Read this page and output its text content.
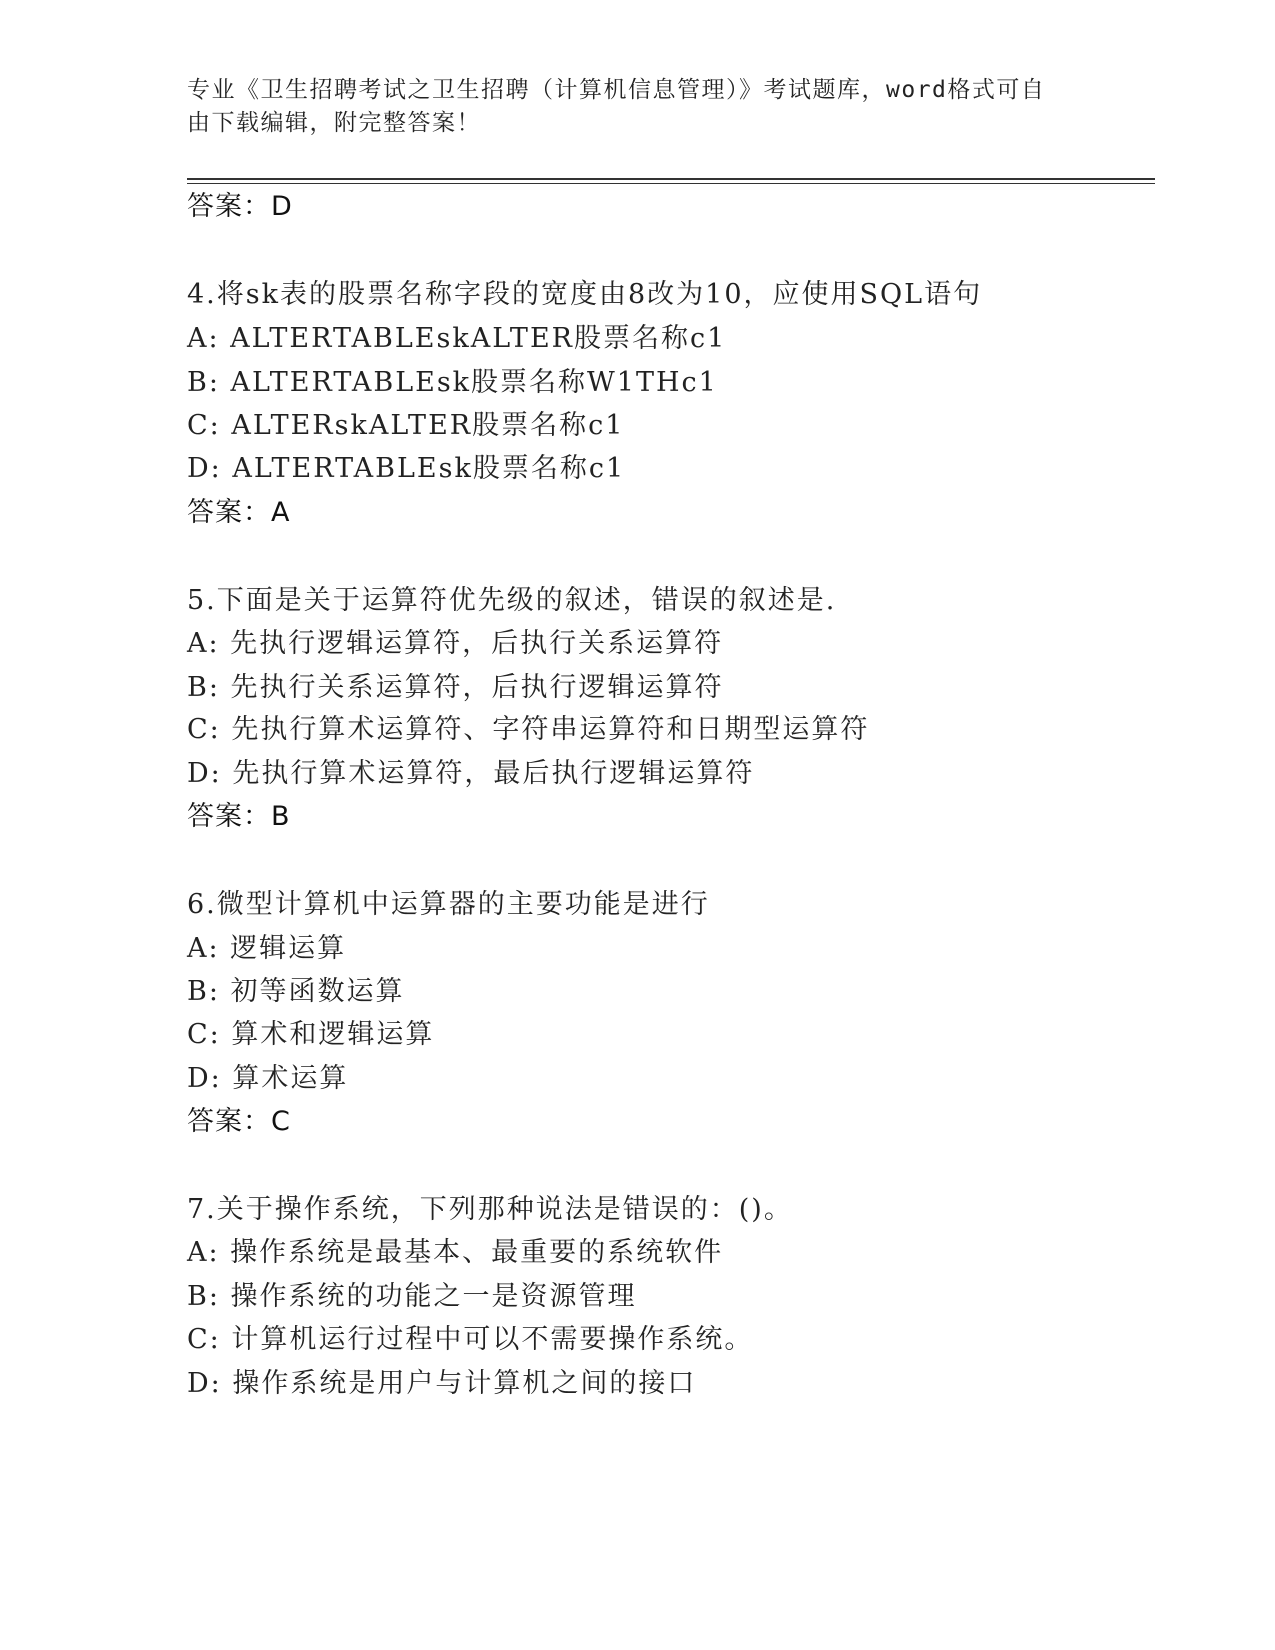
专业《卫生招聘考试之卫生招聘（计算机信息管理）》考试题库，word格式可自
由下载编辑，附完整答案！
答案：D
4.将sk表的股票名称字段的宽度由8改为10，应使用SQL语句
A: ALTERTABLEskALTER股票名称c1
B: ALTERTABLEsk股票名称W1THc1
C: ALTERskALTER股票名称c1
D: ALTERTABLEsk股票名称c1
答案：A
5.下面是关于运算符优先级的叙述，错误的叙述是.
A: 先执行逻辑运算符，后执行关系运算符
B: 先执行关系运算符，后执行逻辑运算符
C: 先执行算术运算符、字符串运算符和日期型运算符
D: 先执行算术运算符，最后执行逻辑运算符
答案：B
6.微型计算机中运算器的主要功能是进行
A: 逻辑运算
B: 初等函数运算
C: 算术和逻辑运算
D: 算术运算
答案：C
7.关于操作系统，下列那种说法是错误的：()。
A: 操作系统是最基本、最重要的系统软件
B: 操作系统的功能之一是资源管理
C: 计算机运行过程中可以不需要操作系统。
D: 操作系统是用户与计算机之间的接口
